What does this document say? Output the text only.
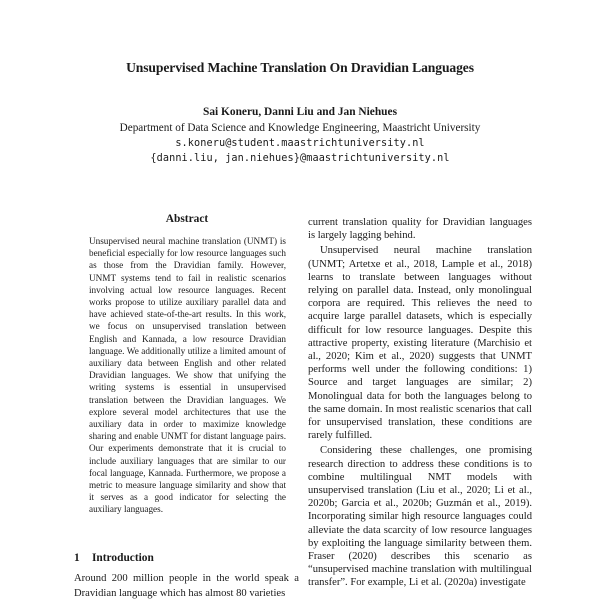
Unsupervised Machine Translation On Dravidian Languages
Sai Koneru, Danni Liu and Jan Niehues
Department of Data Science and Knowledge Engineering, Maastricht University
s.koneru@student.maastrichtuniversity.nl
{danni.liu, jan.niehues}@maastrichtuniversity.nl
Abstract
Unsupervised neural machine translation (UNMT) is beneficial especially for low resource languages such as those from the Dravidian family. However, UNMT systems tend to fail in realistic scenarios involving actual low resource languages. Recent works propose to utilize auxiliary parallel data and have achieved state-of-the-art results. In this work, we focus on unsupervised translation between English and Kannada, a low resource Dravidian language. We additionally utilize a limited amount of auxiliary data between English and other related Dravidian languages. We show that unifying the writing systems is essential in unsupervised translation between the Dravidian languages. We explore several model architectures that use the auxiliary data in order to maximize knowledge sharing and enable UNMT for distant language pairs. Our experiments demonstrate that it is crucial to include auxiliary languages that are similar to our focal language, Kannada. Furthermore, we propose a metric to measure language similarity and show that it serves as a good indicator for selecting the auxiliary languages.
1 Introduction
Around 200 million people in the world speak a Dravidian language which has almost 80 varieties

current translation quality for Dravidian languages is largely lagging behind.

Unsupervised neural machine translation (UNMT; Artetxe et al., 2018, Lample et al., 2018) learns to translate between languages without relying on parallel data. Instead, only monolingual corpora are required. This relieves the need to acquire large parallel datasets, which is especially difficult for low resource languages. Despite this attractive property, existing literature (Marchisio et al., 2020; Kim et al., 2020) suggests that UNMT performs well under the following conditions: 1) Source and target languages are similar; 2) Monolingual data for both the languages belong to the same domain. In most realistic scenarios that call for unsupervised translation, these conditions are rarely fulfilled.

Considering these challenges, one promising research direction to address these conditions is to combine multilingual NMT models with unsupervised translation (Liu et al., 2020; Li et al., 2020b; Garcia et al., 2020b; Guzmán et al., 2019). Incorporating similar high resource languages could alleviate the data scarcity of low resource languages by exploiting the language similarity between them. Fraser (2020) describes this scenario as “unsupervised machine translation with multilingual transfer”. For example, Li et al. (2020a) investigate
